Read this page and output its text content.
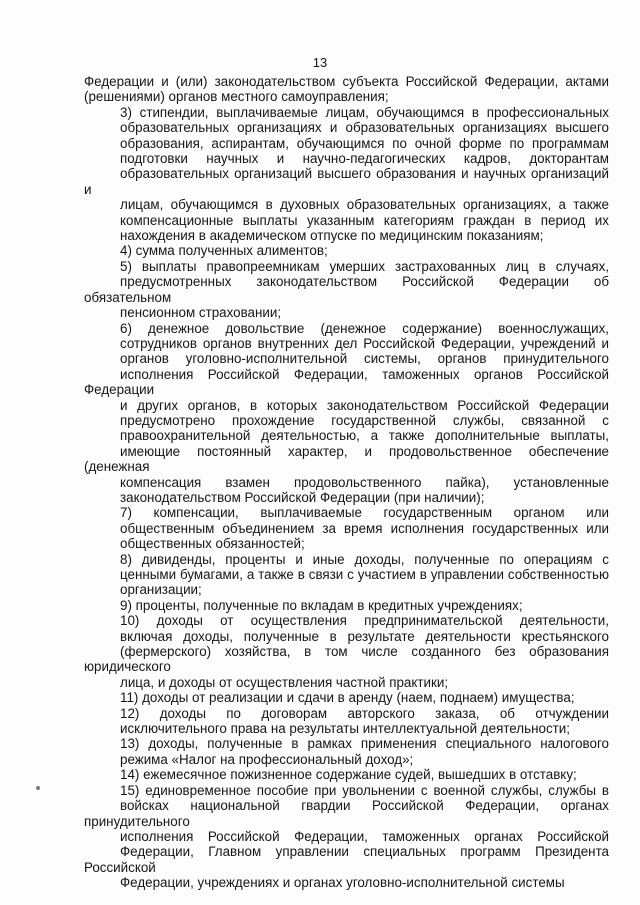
13

Федерации и (или) законодательством субъекта Российской Федерации, актами
(решениями) органов местного самоуправления;

3) стипендии, выплачиваемые лицам, обучающимся в профессиональных
образовательных организациях и образовательных организациях высшего
образования, аспирантам, обучающимся по очной форме по программам
подготовки научных и научно-педагогических кадров, докторантам
образовательных организаций высшего образования и научных организаций и
лицам, обучающимся в духовных образовательных организациях, а также
компенсационные выплаты указанным категориям граждан в период их
нахождения в академическом отпуске по медицинским показаниям;

4) сумма полученных алиментов;

5) выплаты правопреемникам умерших застрахованных лиц в случаях,
предусмотренных законодательством Российской Федерации об обязательном
пенсионном страховании;

6) денежное довольствие (денежное содержание) военнослужащих,
сотрудников органов внутренних дел Российской Федерации, учреждений и
органов уголовно-исполнительной системы, органов принудительного
исполнения Российской Федерации, таможенных органов Российской Федерации
и других органов, в которых законодательством Российской Федерации
предусмотрено прохождение государственной службы, связанной с
правоохранительной деятельностью, а также дополнительные выплаты,
имеющие постоянный характер, и продовольственное обеспечение (денежная
компенсация взамен продовольственного пайка), установленные
законодательством Российской Федерации (при наличии);

7) компенсации, выплачиваемые государственным органом или
общественным объединением за время исполнения государственных или
общественных обязанностей;

8) дивиденды, проценты и иные доходы, полученные по операциям с
ценными бумагами, а также в связи с участием в управлении собственностью
организации;

9) проценты, полученные по вкладам в кредитных учреждениях;

10) доходы от осуществления предпринимательской деятельности,
включая доходы, полученные в результате деятельности крестьянского
(фермерского) хозяйства, в том числе созданного без образования юридического
лица, и доходы от осуществления частной практики;

11) доходы от реализации и сдачи в аренду (наем, поднаем) имущества;

12) доходы по договорам авторского заказа, об отчуждении
исключительного права на результаты интеллектуальной деятельности;

13) доходы, полученные в рамках применения специального налогового
режима «Налог на профессиональный доход»;

14) ежемесячное пожизненное содержание судей, вышедших в отставку;

15) единовременное пособие при увольнении с военной службы, службы в
войсках национальной гвардии Российской Федерации, органах принудительного
исполнения Российской Федерации, таможенных органах Российской
Федерации, Главном управлении специальных программ Президента Российской
Федерации, учреждениях и органах уголовно-исполнительной системы
